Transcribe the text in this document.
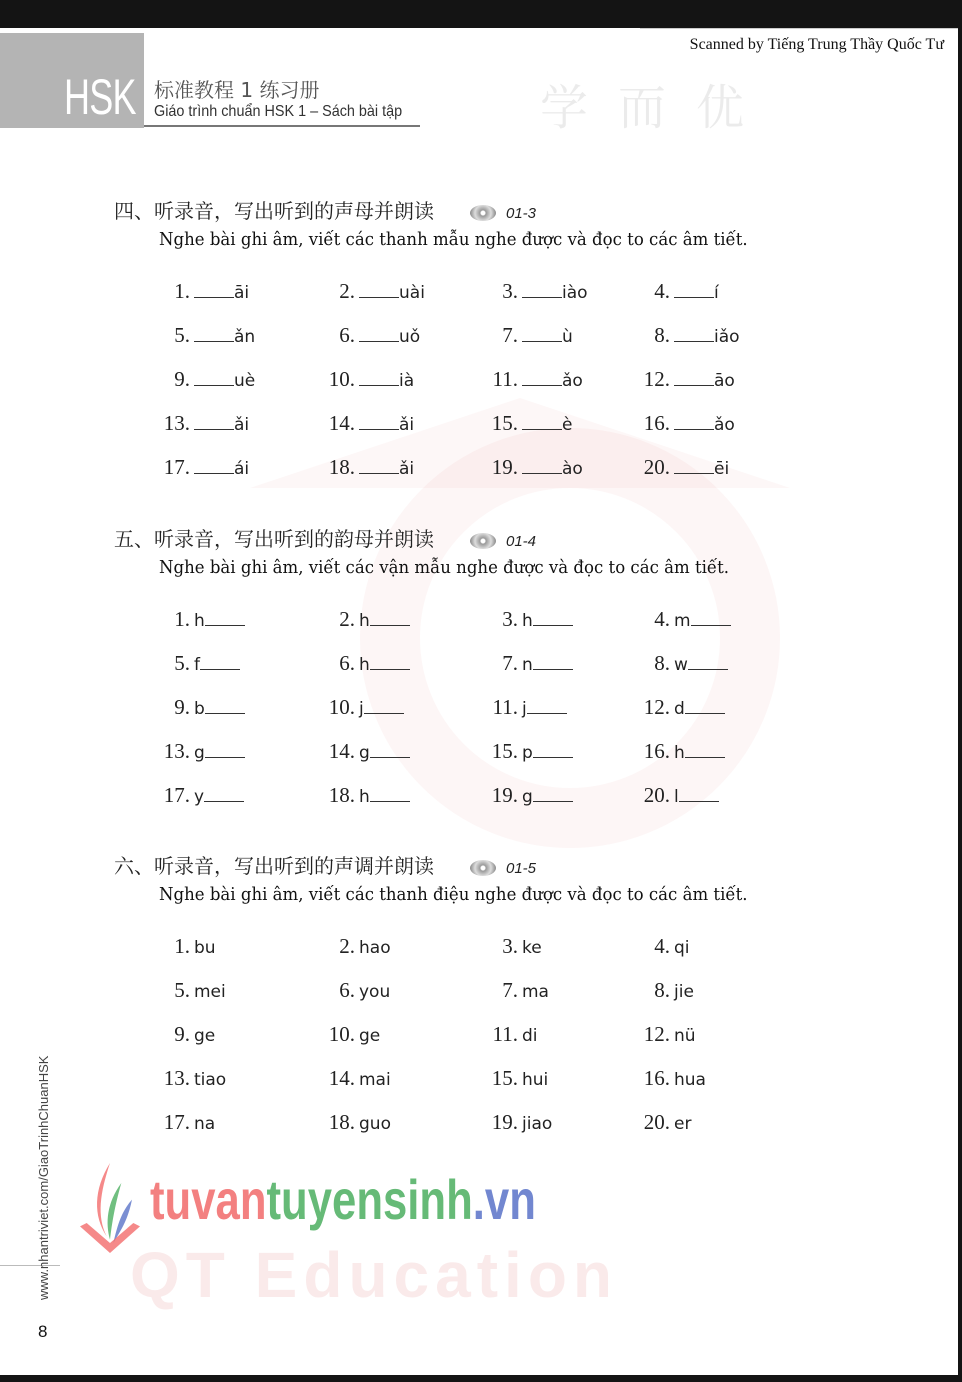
QT Education
学而优
Scanned by Tiếng Trung Thầy Quốc Tư
HSK 标准教程 1 练习册
Giáo trình chuẩn HSK 1 – Sách bài tập
四、听录音，写出听到的声母并朗读	01-3
Nghe bài ghi âm, viết các thanh mẫu nghe được và đọc to các âm tiết.
1.	āi	2.	uài	3.	iào	4.	í
5.	ǎn	6.	uǒ	7.	ù	8.	iǎo
9.	uè	10.	ià	11.	ǎo	12.	āo
13.	ǎi	14.	ǎi	15.	è	16.	ǎo
17.	ái	18.	ǎi	19.	ào	20.	ēi
五、听录音，写出听到的韵母并朗读	01-4
Nghe bài ghi âm, viết các vận mẫu nghe được và đọc to các âm tiết.
1. h	2. h	3. h	4. m
5. f	6. h	7. n	8. w
9. b	10. j	11. j	12. d
13. g	14. g	15. p	16. h
17. y	18. h	19. g	20. l
六、听录音，写出听到的声调并朗读	01-5
Nghe bài ghi âm, viết các thanh điệu nghe được và đọc to các âm tiết.
1. bu	2. hao	3. ke	4. qi
5. mei	6. you	7. ma	8. jie
9. ge	10. ge	11. di	12. nü
13. tiao	14. mai	15. hui	16. hua
17. na	18. guo	19. jiao	20. er
tuvantuyensinh.vn
www.nhantriviet.com/GiaoTrinhChuanHSK
8
